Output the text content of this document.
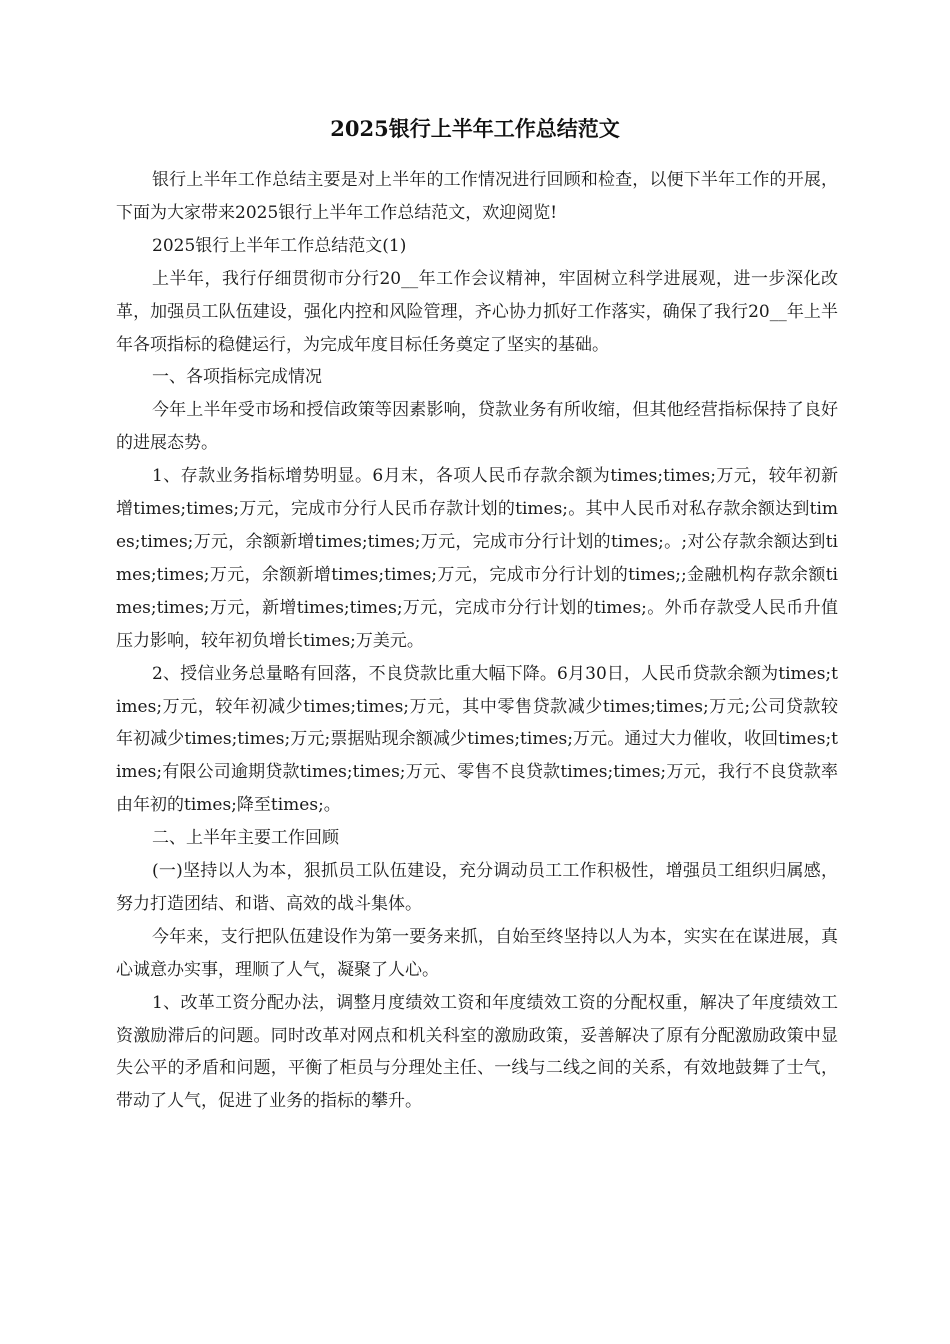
2025银行上半年工作总结范文

银行上半年工作总结主要是对上半年的工作情况进行回顾和检查，以便下半年工作的开展，下面为大家带来2025银行上半年工作总结范文，欢迎阅览!

2025银行上半年工作总结范文(1)

上半年，我行仔细贯彻市分行20__年工作会议精神，牢固树立科学进展观，进一步深化改革，加强员工队伍建设，强化内控和风险管理，齐心协力抓好工作落实，确保了我行20__年上半年各项指标的稳健运行，为完成年度目标任务奠定了坚实的基础。

一、各项指标完成情况

今年上半年受市场和授信政策等因素影响，贷款业务有所收缩，但其他经营指标保持了良好的进展态势。

1、存款业务指标增势明显。6月末，各项人民币存款余额为times;times;万元，较年初新增times;times;万元，完成市分行人民币存款计划的times;。其中人民币对私存款余额达到times;times;万元，余额新增times;times;万元，完成市分行计划的times;。;对公存款余额达到times;times;万元，余额新增times;times;万元，完成市分行计划的times;;金融机构存款余额times;times;万元，新增times;times;万元，完成市分行计划的times;。外币存款受人民币升值压力影响，较年初负增长times;万美元。

2、授信业务总量略有回落，不良贷款比重大幅下降。6月30日，人民币贷款余额为times;times;万元，较年初减少times;times;万元，其中零售贷款减少times;times;万元;公司贷款较年初减少times;times;万元;票据贴现余额减少times;times;万元。通过大力催收，收回times;times;有限公司逾期贷款times;times;万元、零售不良贷款times;times;万元，我行不良贷款率由年初的times;降至times;。

二、上半年主要工作回顾

(一)坚持以人为本，狠抓员工队伍建设，充分调动员工工作积极性，增强员工组织归属感，努力打造团结、和谐、高效的战斗集体。

今年来，支行把队伍建设作为第一要务来抓，自始至终坚持以人为本，实实在在谋进展，真心诚意办实事，理顺了人气，凝聚了人心。

1、改革工资分配办法，调整月度绩效工资和年度绩效工资的分配权重，解决了年度绩效工资激励滞后的问题。同时改革对网点和机关科室的激励政策，妥善解决了原有分配激励政策中显失公平的矛盾和问题，平衡了柜员与分理处主任、一线与二线之间的关系，有效地鼓舞了士气，带动了人气，促进了业务的指标的攀升。
